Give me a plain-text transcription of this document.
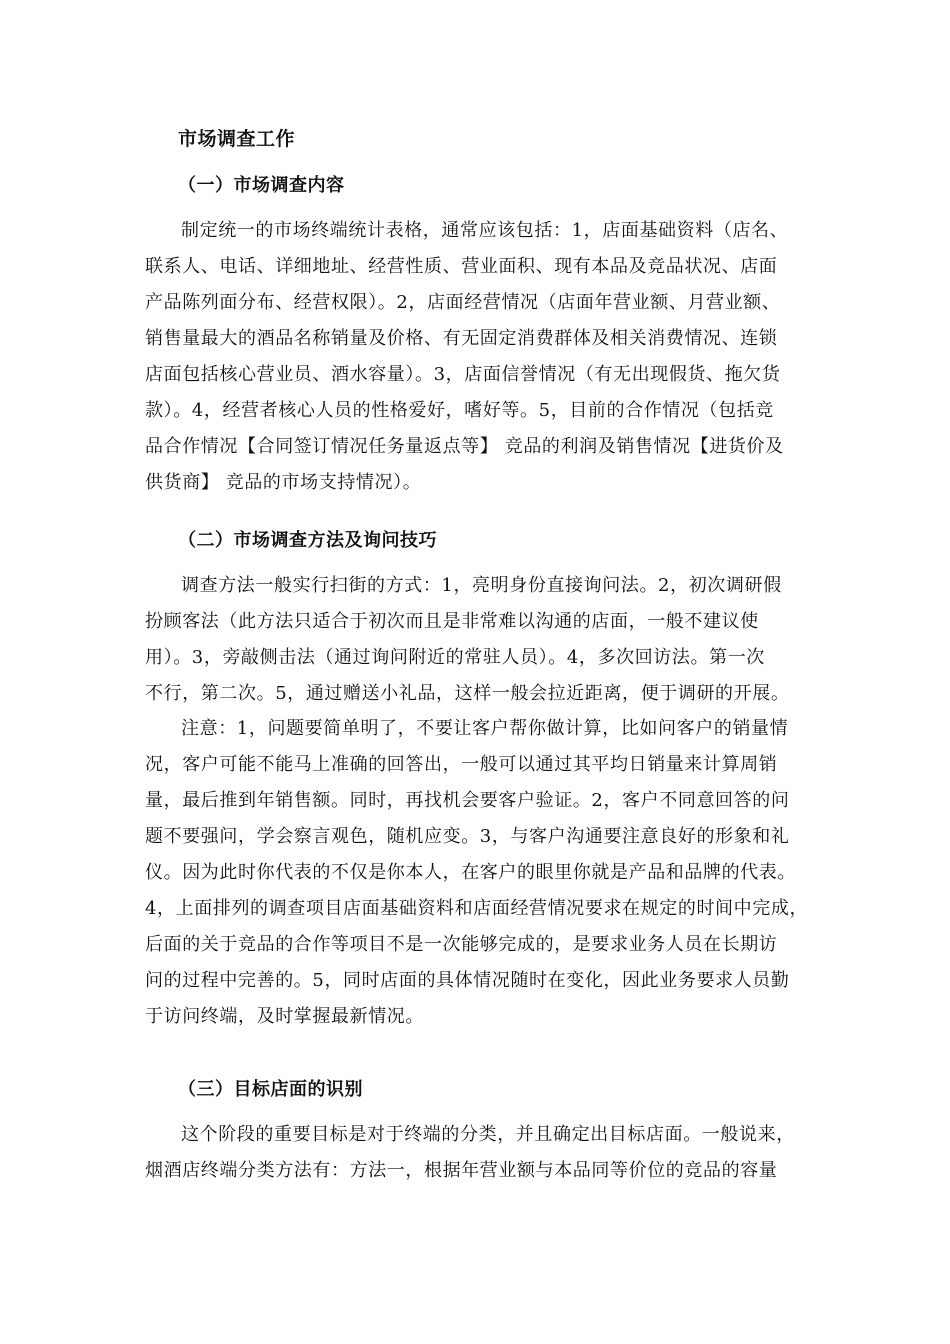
市场调查工作
（一）市场调查内容
制定统一的市场终端统计表格，通常应该包括：1，店面基础资料（店名、
联系人、电话、详细地址、经营性质、营业面积、现有本品及竞品状况、店面
产品陈列面分布、经营权限）。2，店面经营情况（店面年营业额、月营业额、
销售量最大的酒品名称销量及价格、有无固定消费群体及相关消费情况、连锁
店面包括核心营业员、酒水容量）。3，店面信誉情况（有无出现假货、拖欠货
款）。4，经营者核心人员的性格爱好，嗜好等。5，目前的合作情况（包括竞
品合作情况【合同签订情况任务量返点等】 竞品的利润及销售情况【进货价及
供货商】 竞品的市场支持情况）。
（二）市场调查方法及询问技巧
调查方法一般实行扫街的方式：1，亮明身份直接询问法。2，初次调研假
扮顾客法（此方法只适合于初次而且是非常难以沟通的店面，一般不建议使
用）。3，旁敲侧击法（通过询问附近的常驻人员）。4，多次回访法。第一次
不行，第二次。5，通过赠送小礼品，这样一般会拉近距离，便于调研的开展。
注意：1，问题要简单明了，不要让客户帮你做计算，比如问客户的销量情
况，客户可能不能马上准确的回答出，一般可以通过其平均日销量来计算周销
量，最后推到年销售额。同时，再找机会要客户验证。2，客户不同意回答的问
题不要强问，学会察言观色，随机应变。3，与客户沟通要注意良好的形象和礼
仪。因为此时你代表的不仅是你本人，在客户的眼里你就是产品和品牌的代表。
4，上面排列的调查项目店面基础资料和店面经营情况要求在规定的时间中完成，
后面的关于竞品的合作等项目不是一次能够完成的，是要求业务人员在长期访
问的过程中完善的。5，同时店面的具体情况随时在变化，因此业务要求人员勤
于访问终端，及时掌握最新情况。
（三）目标店面的识别
这个阶段的重要目标是对于终端的分类，并且确定出目标店面。一般说来，
烟酒店终端分类方法有：方法一，根据年营业额与本品同等价位的竞品的容量
